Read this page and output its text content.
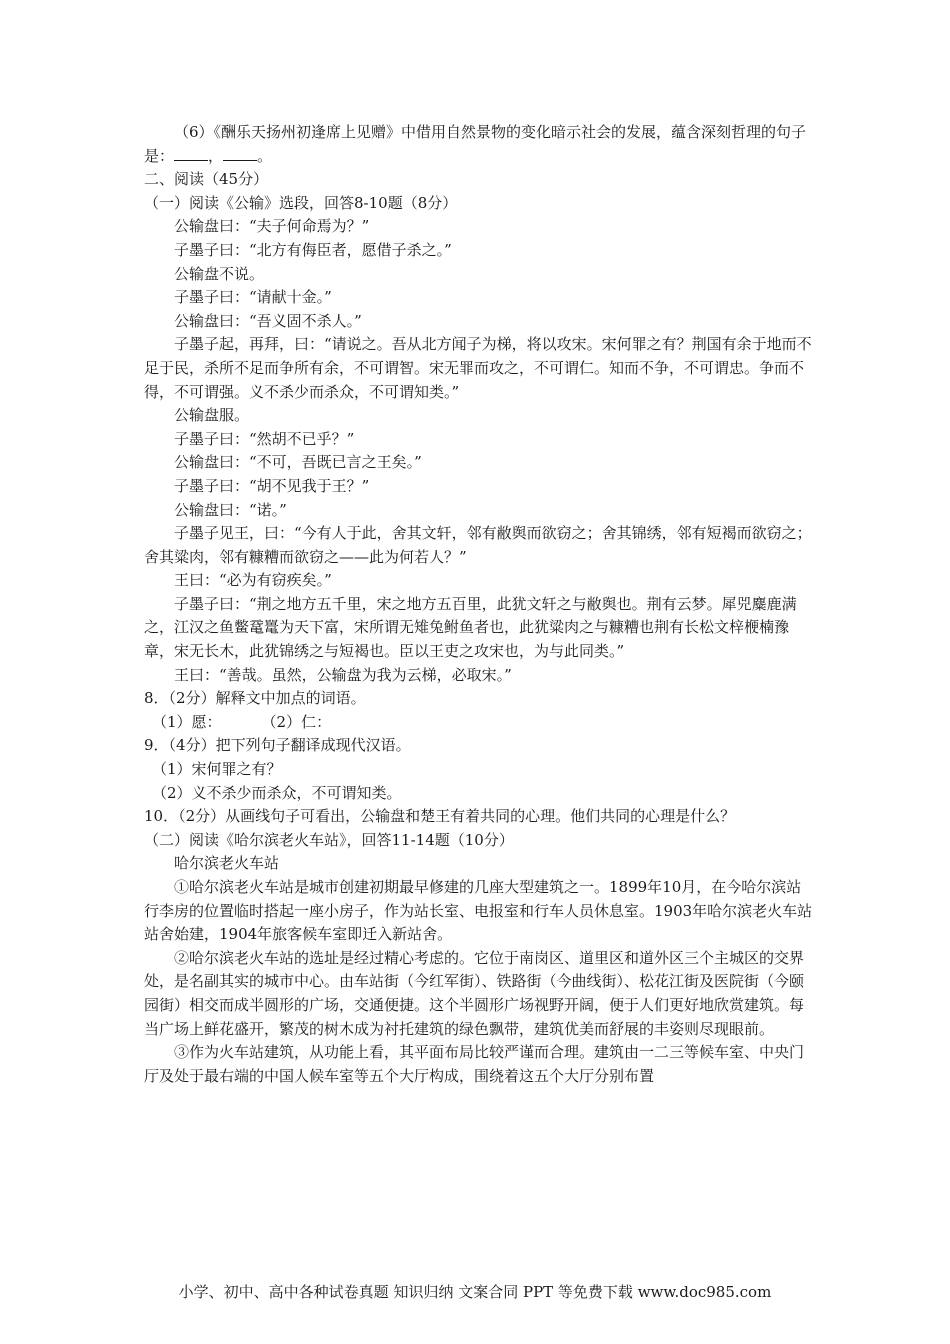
（6）《酬乐天扬州初逢席上见赠》中借用自然景物的变化暗示社会的发展，蕴含深刻哲理的句子是： ， 。

二、阅读（45分）

（一）阅读《公输》选段，回答8-10题（8分）

公输盘曰：“夫子何命焉为？”

子墨子曰：“北方有侮臣者，愿借子杀之。”

公输盘不说。

子墨子曰：“请献十金。”

公输盘曰：“吾义固不杀人。”

子墨子起，再拜，曰：“请说之。吾从北方闻子为梯，将以攻宋。宋何罪之有？荆国有余于地而不足于民，杀所不足而争所有余，不可谓智。宋无罪而攻之，不可谓仁。知而不争，不可谓忠。争而不得，不可谓强。义不杀少而杀众，不可谓知类。”

公输盘服。

子墨子曰：“然胡不已乎？”

公输盘曰：“不可，吾既已言之王矣。”

子墨子曰：“胡不见我于王？”

公输盘曰：“诺。”

子墨子见王，曰：“今有人于此，舍其文轩，邻有敝舆而欲窃之；舍其锦绣，邻有短褐而欲窃之；舍其粱肉，邻有糠糟而欲窃之——此为何若人？”

王曰：“必为有窃疾矣。”

子墨子曰：“荆之地方五千里，宋之地方五百里，此犹文轩之与敝舆也。荆有云梦。犀兕麋鹿满之，江汉之鱼鳖鼋鼍为天下富，宋所谓无雉兔鲋鱼者也，此犹粱肉之与糠糟也荆有长松文梓楩楠豫章，宋无长木，此犹锦绣之与短褐也。臣以王吏之攻宋也，为与此同类。”

王曰：“善哉。虽然，公输盘为我为云梯，必取宋。”

8．（2分）解释文中加点的词语。

（1）愿：	（2）仁：

9．（4分）把下列句子翻译成现代汉语。

（1）宋何罪之有？

（2）义不杀少而杀众，不可谓知类。

10．（2分）从画线句子可看出，公输盘和楚王有着共同的心理。他们共同的心理是什么？

（二）阅读《哈尔滨老火车站》，回答11-14题（10分）

哈尔滨老火车站

①哈尔滨老火车站是城市创建初期最早修建的几座大型建筑之一。1899年10月，在今哈尔滨站行李房的位置临时搭起一座小房子，作为站长室、电报室和行车人员休息室。1903年哈尔滨老火车站站舍始建，1904年旅客候车室即迁入新站舍。

②哈尔滨老火车站的选址是经过精心考虑的。它位于南岗区、道里区和道外区三个主城区的交界处，是名副其实的城市中心。由车站街（今红军街）、铁路街（今曲线街）、松花江街及医院街（今颐园街）相交而成半圆形的广场，交通便捷。这个半圆形广场视野开阔，便于人们更好地欣赏建筑。每当广场上鲜花盛开，繁茂的树木成为衬托建筑的绿色飘带，建筑优美而舒展的丰姿则尽现眼前。

③作为火车站建筑，从功能上看，其平面布局比较严谨而合理。建筑由一二三等候车室、中央门厅及处于最右端的中国人候车室等五个大厅构成，围绕着这五个大厅分别布置

小学、初中、高中各种试卷真题 知识归纳 文案合同 PPT 等免费下载 www.doc985.com
